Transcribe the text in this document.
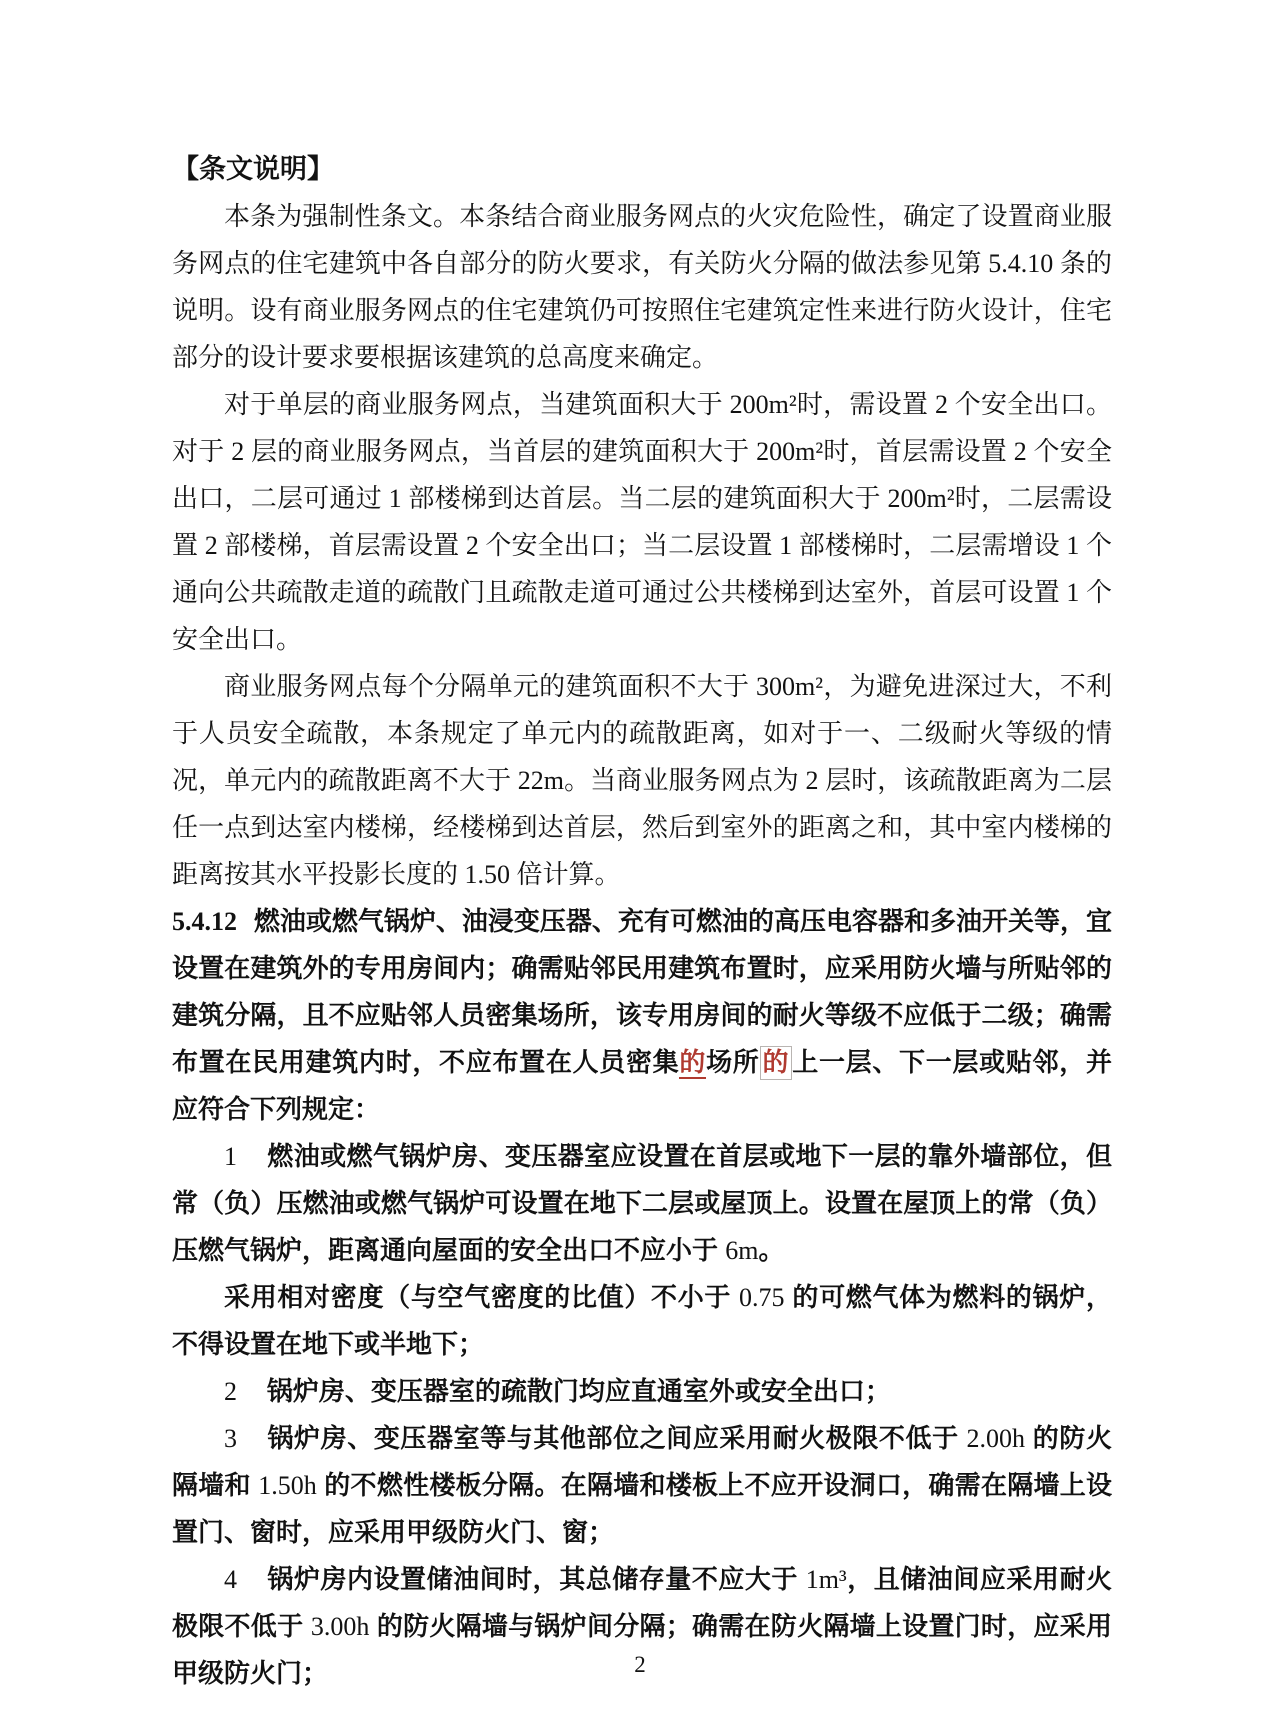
【条文说明】

本条为强制性条文。本条结合商业服务网点的火灾危险性，确定了设置商业服务网点的住宅建筑中各自部分的防火要求，有关防火分隔的做法参见第 5.4.10 条的说明。设有商业服务网点的住宅建筑仍可按照住宅建筑定性来进行防火设计，住宅部分的设计要求要根据该建筑的总高度来确定。

对于单层的商业服务网点，当建筑面积大于 200m²时，需设置 2 个安全出口。对于 2 层的商业服务网点，当首层的建筑面积大于 200m²时，首层需设置 2 个安全出口，二层可通过 1 部楼梯到达首层。当二层的建筑面积大于 200m²时，二层需设置 2 部楼梯，首层需设置 2 个安全出口；当二层设置 1 部楼梯时，二层需增设 1 个通向公共疏散走道的疏散门且疏散走道可通过公共楼梯到达室外，首层可设置 1 个安全出口。

商业服务网点每个分隔单元的建筑面积不大于 300m²，为避免进深过大，不利于人员安全疏散，本条规定了单元内的疏散距离，如对于一、二级耐火等级的情况，单元内的疏散距离不大于 22m。当商业服务网点为 2 层时，该疏散距离为二层任一点到达室内楼梯，经楼梯到达首层，然后到室外的距离之和，其中室内楼梯的距离按其水平投影长度的 1.50 倍计算。

5.4.12 燃油或燃气锅炉、油浸变压器、充有可燃油的高压电容器和多油开关等，宜设置在建筑外的专用房间内；确需贴邻民用建筑布置时，应采用防火墙与所贴邻的建筑分隔，且不应贴邻人员密集场所，该专用房间的耐火等级不应低于二级；确需布置在民用建筑内时，不应布置在人员密集的场所 的 上一层、下一层或贴邻，并应符合下列规定：

1 燃油或燃气锅炉房、变压器室应设置在首层或地下一层的靠外墙部位，但常（负）压燃油或燃气锅炉可设置在地下二层或屋顶上。设置在屋顶上的常（负）压燃气锅炉，距离通向屋面的安全出口不应小于 6m。

采用相对密度（与空气密度的比值）不小于 0.75 的可燃气体为燃料的锅炉，不得设置在地下或半地下；

2 锅炉房、变压器室的疏散门均应直通室外或安全出口；

3 锅炉房、变压器室等与其他部位之间应采用耐火极限不低于 2.00h 的防火隔墙和 1.50h 的不燃性楼板分隔。在隔墙和楼板上不应开设洞口，确需在隔墙上设置门、窗时，应采用甲级防火门、窗；

4 锅炉房内设置储油间时，其总储存量不应大于 1m³，且储油间应采用耐火极限不低于 3.00h 的防火隔墙与锅炉间分隔；确需在防火隔墙上设置门时，应采用甲级防火门；	2
